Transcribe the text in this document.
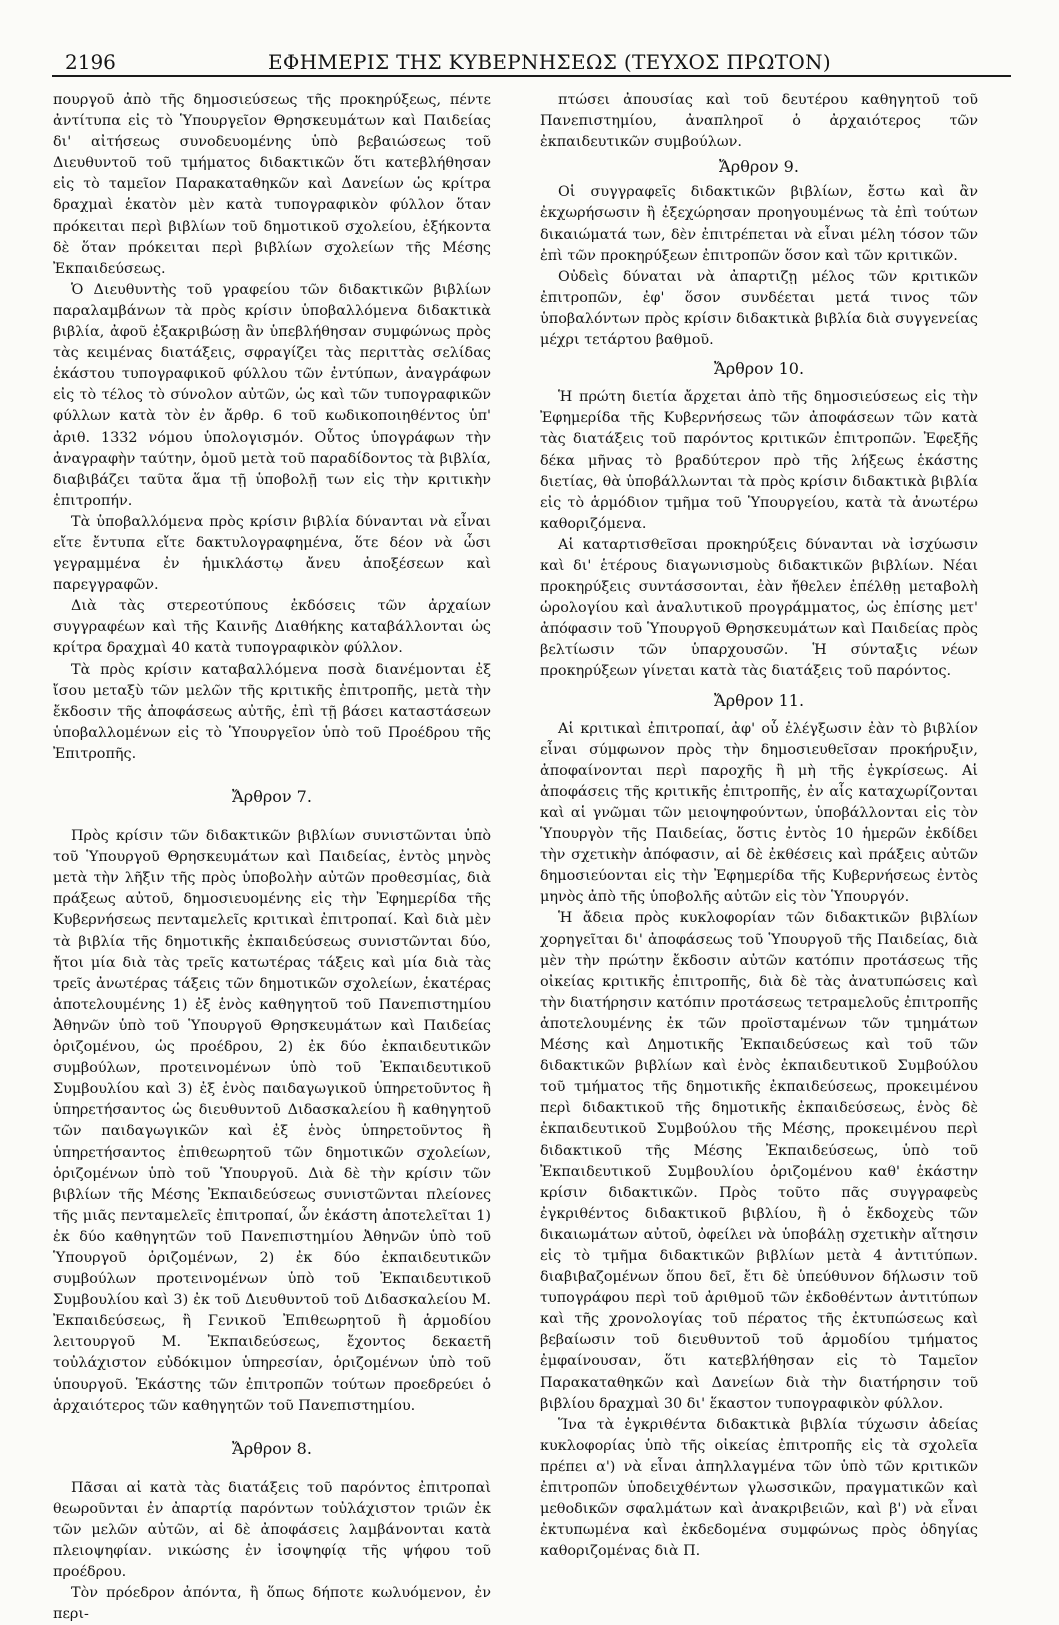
2196	ΕΦΗΜΕΡΙΣ ΤΗΣ ΚΥΒΕΡΝΗΣΕΩΣ (ΤΕΥΧΟΣ ΠΡΩΤΟΝ)

πουργοῦ ἀπὸ τῆς δημοσιεύσεως τῆς προκηρύξεως, πέντε ἀντίτυπα εἰς τὸ Ὑπουργεῖον Θρησκευμάτων καὶ Παιδείας δι' αἰτήσεως συνοδευομένης ὑπὸ βεβαιώσεως τοῦ Διευθυντοῦ τοῦ τμήματος διδακτικῶν ὅτι κατεβλήθησαν εἰς τὸ ταμεῖον Παρακαταθηκῶν καὶ Δανείων ὡς κρίτρα δραχμαὶ ἑκατὸν μὲν κατὰ τυπογραφικὸν φύλλον ὅταν πρόκειται περὶ βιβλίων τοῦ δημοτικοῦ σχολείου, ἑξήκοντα δὲ ὅταν πρόκειται περὶ βιβλίων σχολείων τῆς Μέσης Ἐκπαιδεύσεως.

Ὁ Διευθυντὴς τοῦ γραφείου τῶν διδακτικῶν βιβλίων παραλαμβάνων τὰ πρὸς κρίσιν ὑποβαλλόμενα διδακτικὰ βιβλία, ἀφοῦ ἐξακριβώσῃ ἂν ὑπεβλήθησαν συμφώνως πρὸς τὰς κειμένας διατάξεις, σφραγίζει τὰς περιττὰς σελίδας ἑκάστου τυπογραφικοῦ φύλλου τῶν ἐντύπων, ἀναγράφων εἰς τὸ τέλος τὸ σύνολον αὐτῶν, ὡς καὶ τῶν τυπογραφικῶν φύλλων κατὰ τὸν ἐν ἄρθρ. 6 τοῦ κωδικοποιηθέντος ὑπ' ἀριθ. 1332 νόμου ὑπολογισμόν. Οὗτος ὑπογράφων τὴν ἀναγραφὴν ταύτην, ὁμοῦ μετὰ τοῦ παραδίδοντος τὰ βιβλία, διαβιβάζει ταῦτα ἅμα τῇ ὑποβολῇ των εἰς τὴν κριτικὴν ἐπιτροπήν.

Τὰ ὑποβαλλόμενα πρὸς κρίσιν βιβλία δύνανται νὰ εἶναι εἴτε ἔντυπα εἴτε δακτυλογραφημένα, ὅτε δέον νὰ ὦσι γεγραμμένα ἐν ἡμικλάστῳ ἄνευ ἀποξέσεων καὶ παρεγγραφῶν.

Διὰ τὰς στερεοτύπους ἐκδόσεις τῶν ἀρχαίων συγγραφέων καὶ τῆς Καινῆς Διαθήκης καταβάλλονται ὡς κρίτρα δραχμαὶ 40 κατὰ τυπογραφικὸν φύλλον.

Τὰ πρὸς κρίσιν καταβαλλόμενα ποσὰ διανέμονται ἐξ ἴσου μεταξὺ τῶν μελῶν τῆς κριτικῆς ἐπιτροπῆς, μετὰ τὴν ἔκδοσιν τῆς ἀποφάσεως αὐτῆς, ἐπὶ τῇ βάσει καταστάσεων ὑποβαλλομένων εἰς τὸ Ὑπουργεῖον ὑπὸ τοῦ Προέδρου τῆς Ἐπιτροπῆς.

Ἄρθρον 7.

Πρὸς κρίσιν τῶν διδακτικῶν βιβλίων συνιστῶνται ὑπὸ τοῦ Ὑπουργοῦ Θρησκευμάτων καὶ Παιδείας, ἐντὸς μηνὸς μετὰ τὴν λῆξιν τῆς πρὸς ὑποβολὴν αὐτῶν προθεσμίας, διὰ πράξεως αὐτοῦ, δημοσιευομένης εἰς τὴν Ἐφημερίδα τῆς Κυβερνήσεως πενταμελεῖς κριτικαὶ ἐπιτροπαί. Καὶ διὰ μὲν τὰ βιβλία τῆς δημοτικῆς ἐκπαιδεύσεως συνιστῶνται δύο, ἤτοι μία διὰ τὰς τρεῖς κατωτέρας τάξεις καὶ μία διὰ τὰς τρεῖς ἀνωτέρας τάξεις τῶν δημοτικῶν σχολείων, ἑκατέρας ἀποτελουμένης 1) ἐξ ἑνὸς καθηγητοῦ τοῦ Πανεπιστημίου Ἀθηνῶν ὑπὸ τοῦ Ὑπουργοῦ Θρησκευμάτων καὶ Παιδείας ὁριζομένου, ὡς προέδρου, 2) ἐκ δύο ἐκπαιδευτικῶν συμβούλων, προτεινομένων ὑπὸ τοῦ Ἐκπαιδευτικοῦ Συμβουλίου καὶ 3) ἐξ ἑνὸς παιδαγωγικοῦ ὑπηρετοῦντος ἢ ὑπηρετήσαντος ὡς διευθυντοῦ Διδασκαλείου ἢ καθηγητοῦ τῶν παιδαγωγικῶν καὶ ἐξ ἑνὸς ὑπηρετοῦντος ἢ ὑπηρετήσαντος ἐπιθεωρητοῦ τῶν δημοτικῶν σχολείων, ὁριζομένων ὑπὸ τοῦ Ὑπουργοῦ. Διὰ δὲ τὴν κρίσιν τῶν βιβλίων τῆς Μέσης Ἐκπαιδεύσεως συνιστῶνται πλείονες τῆς μιᾶς πενταμελεῖς ἐπιτροπαί, ὧν ἑκάστη ἀποτελεῖται 1) ἐκ δύο καθηγητῶν τοῦ Πανεπιστημίου Ἀθηνῶν ὑπὸ τοῦ Ὑπουργοῦ ὁριζομένων, 2) ἐκ δύο ἐκπαιδευτικῶν συμβούλων προτεινομένων ὑπὸ τοῦ Ἐκπαιδευτικοῦ Συμβουλίου καὶ 3) ἐκ τοῦ Διευθυντοῦ τοῦ Διδασκαλείου Μ. Ἐκπαιδεύσεως, ἢ Γενικοῦ Ἐπιθεωρητοῦ ἢ ἁρμοδίου λειτουργοῦ Μ. Ἐκπαιδεύσεως, ἔχοντος δεκαετῆ τοὐλάχιστον εὐδόκιμον ὑπηρεσίαν, ὁριζομένων ὑπὸ τοῦ ὑπουργοῦ. Ἑκάστης τῶν ἐπιτροπῶν τούτων προεδρεύει ὁ ἀρχαιότερος τῶν καθηγητῶν τοῦ Πανεπιστημίου.

Ἄρθρον 8.

Πᾶσαι αἱ κατὰ τὰς διατάξεις τοῦ παρόντος ἐπιτροπαὶ θεωροῦνται ἐν ἀπαρτίᾳ παρόντων τοὐλάχιστον τριῶν ἐκ τῶν μελῶν αὐτῶν, αἱ δὲ ἀποφάσεις λαμβάνονται κατὰ πλειοψηφίαν. νικώσης ἐν ἰσοψηφίᾳ τῆς ψήφου τοῦ προέδρου.

Τὸν πρόεδρον ἀπόντα, ἢ ὅπως δήποτε κωλυόμενον, ἐν περι-

πτώσει ἀπουσίας καὶ τοῦ δευτέρου καθηγητοῦ τοῦ Πανεπιστημίου, ἀναπληροῖ ὁ ἀρχαιότερος τῶν ἐκπαιδευτικῶν συμβούλων.

Ἄρθρον 9.

Οἱ συγγραφεῖς διδακτικῶν βιβλίων, ἔστω καὶ ἂν ἐκχωρήσωσιν ἢ ἐξεχώρησαν προηγουμένως τὰ ἐπὶ τούτων δικαιώματά των, δὲν ἐπιτρέπεται νὰ εἶναι μέλη τόσον τῶν ἐπὶ τῶν προκηρύξεων ἐπιτροπῶν ὅσον καὶ τῶν κριτικῶν.

Οὐδεὶς δύναται νὰ ἀπαρτιζῃ μέλος τῶν κριτικῶν ἐπιτροπῶν, ἐφ' ὅσον συνδέεται μετά τινος τῶν ὑποβαλόντων πρὸς κρίσιν διδακτικὰ βιβλία διὰ συγγενείας μέχρι τετάρτου βαθμοῦ.

Ἄρθρον 10.

Ἡ πρώτη διετία ἄρχεται ἀπὸ τῆς δημοσιεύσεως εἰς τὴν Ἐφημερίδα τῆς Κυβερνήσεως τῶν ἀποφάσεων τῶν κατὰ τὰς διατάξεις τοῦ παρόντος κριτικῶν ἐπιτροπῶν. Ἐφεξῆς δέκα μῆνας τὸ βραδύτερον πρὸ τῆς λήξεως ἑκάστης διετίας, θὰ ὑποβάλλωνται τὰ πρὸς κρίσιν διδακτικὰ βιβλία εἰς τὸ ἁρμόδιον τμῆμα τοῦ Ὑπουργείου, κατὰ τὰ ἀνωτέρω καθοριζόμενα.

Αἱ καταρτισθεῖσαι προκηρύξεις δύνανται νὰ ἰσχύωσιν καὶ δι' ἑτέρους διαγωνισμοὺς διδακτικῶν βιβλίων. Νέαι προκηρύξεις συντάσσονται, ἐὰν ἤθελεν ἐπέλθῃ μεταβολὴ ὡρολογίου καὶ ἀναλυτικοῦ προγράμματος, ὡς ἐπίσης μετ' ἀπόφασιν τοῦ Ὑπουργοῦ Θρησκευμάτων καὶ Παιδείας πρὸς βελτίωσιν τῶν ὑπαρχουσῶν. Ἡ σύνταξις νέων προκηρύξεων γίνεται κατὰ τὰς διατάξεις τοῦ παρόντος.

Ἄρθρον 11.

Αἱ κριτικαὶ ἐπιτροπαί, ἀφ' οὗ ἐλέγξωσιν ἐὰν τὸ βιβλίον εἶναι σύμφωνον πρὸς τὴν δημοσιευθεῖσαν προκήρυξιν, ἀποφαίνονται περὶ παροχῆς ἢ μὴ τῆς ἐγκρίσεως. Αἱ ἀποφάσεις τῆς κριτικῆς ἐπιτροπῆς, ἐν αἷς καταχωρίζονται καὶ αἱ γνῶμαι τῶν μειοψηφούντων, ὑποβάλλονται εἰς τὸν Ὑπουργὸν τῆς Παιδείας, ὅστις ἐντὸς 10 ἡμερῶν ἐκδίδει τὴν σχετικὴν ἀπόφασιν, αἱ δὲ ἐκθέσεις καὶ πράξεις αὐτῶν δημοσιεύονται εἰς τὴν Ἐφημερίδα τῆς Κυβερνήσεως ἐντὸς μηνὸς ἀπὸ τῆς ὑποβολῆς αὐτῶν εἰς τὸν Ὑπουργόν.

Ἡ ἄδεια πρὸς κυκλοφορίαν τῶν διδακτικῶν βιβλίων χορηγεῖται δι' ἀποφάσεως τοῦ Ὑπουργοῦ τῆς Παιδείας, διὰ μὲν τὴν πρώτην ἔκδοσιν αὐτῶν κατόπιν προτάσεως τῆς οἰκείας κριτικῆς ἐπιτροπῆς, διὰ δὲ τὰς ἀνατυπώσεις καὶ τὴν διατήρησιν κατόπιν προτάσεως τετραμελοῦς ἐπιτροπῆς ἀποτελουμένης ἐκ τῶν προϊσταμένων τῶν τμημάτων Μέσης καὶ Δημοτικῆς Ἐκπαιδεύσεως καὶ τοῦ τῶν διδακτικῶν βιβλίων καὶ ἑνὸς ἐκπαιδευτικοῦ Συμβούλου τοῦ τμήματος τῆς δημοτικῆς ἐκπαιδεύσεως, προκειμένου περὶ διδακτικοῦ τῆς δημοτικῆς ἐκπαιδεύσεως, ἑνὸς δὲ ἐκπαιδευτικοῦ Συμβούλου τῆς Μέσης, προκειμένου περὶ διδακτικοῦ τῆς Μέσης Ἐκπαιδεύσεως, ὑπὸ τοῦ Ἐκπαιδευτικοῦ Συμβουλίου ὁριζομένου καθ' ἑκάστην κρίσιν διδακτικῶν. Πρὸς τοῦτο πᾶς συγγραφεὺς ἐγκριθέντος διδακτικοῦ βιβλίου, ἢ ὁ ἔκδοχεὺς τῶν δικαιωμάτων αὐτοῦ, ὀφείλει νὰ ὑποβάλῃ σχετικὴν αἴτησιν εἰς τὸ τμῆμα διδακτικῶν βιβλίων μετὰ 4 ἀντιτύπων. διαβιβαζομένων ὅπου δεῖ, ἔτι δὲ ὑπεύθυνον δήλωσιν τοῦ τυπογράφου περὶ τοῦ ἀριθμοῦ τῶν ἐκδοθέντων ἀντιτύπων καὶ τῆς χρονολογίας τοῦ πέρατος τῆς ἐκτυπώσεως καὶ βεβαίωσιν τοῦ διευθυντοῦ τοῦ ἁρμοδίου τμήματος ἐμφαίνουσαν, ὅτι κατεβλήθησαν εἰς τὸ Ταμεῖον Παρακαταθηκῶν καὶ Δανείων διὰ τὴν διατήρησιν τοῦ βιβλίου δραχμαὶ 30 δι' ἕκαστον τυπογραφικὸν φύλλον.

Ἵνα τὰ ἐγκριθέντα διδακτικὰ βιβλία τύχωσιν ἀδείας κυκλοφορίας ὑπὸ τῆς οἰκείας ἐπιτροπῆς εἰς τὰ σχολεῖα πρέπει α') νὰ εἶναι ἀπηλλαγμένα τῶν ὑπὸ τῶν κριτικῶν ἐπιτροπῶν ὑποδειχθέντων γλωσσικῶν, πραγματικῶν καὶ μεθοδικῶν σφαλμάτων καὶ ἀνακριβειῶν, καὶ β') νὰ εἶναι ἐκτυπωμένα καὶ ἐκδεδομένα συμφώνως πρὸς ὁδηγίας καθοριζομένας διὰ Π.
